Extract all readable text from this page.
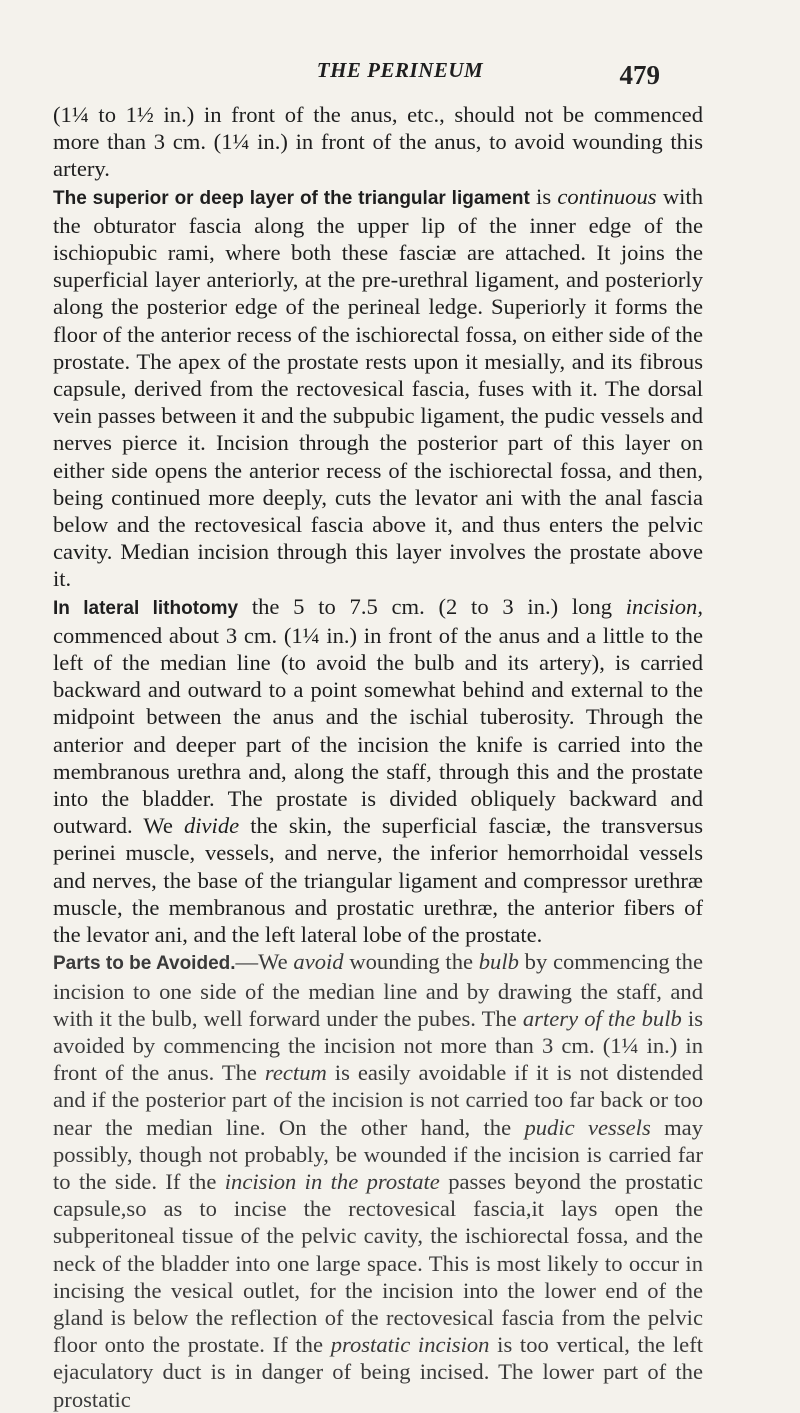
THE PERINEUM	479

(1¼ to 1½ in.) in front of the anus, etc., should not be commenced more than 3 cm. (1¼ in.) in front of the anus, to avoid wounding this artery.

The superior or deep layer of the triangular ligament is continuous with the obturator fascia along the upper lip of the inner edge of the ischiopubic rami, where both these fasciæ are attached. It joins the superficial layer anteriorly, at the pre-urethral ligament, and posteriorly along the posterior edge of the perineal ledge. Superiorly it forms the floor of the anterior recess of the ischiorectal fossa, on either side of the prostate. The apex of the prostate rests upon it mesially, and its fibrous capsule, derived from the rectovesical fascia, fuses with it. The dorsal vein passes between it and the subpubic ligament, the pudic vessels and nerves pierce it. Incision through the posterior part of this layer on either side opens the anterior recess of the ischiorectal fossa, and then, being continued more deeply, cuts the levator ani with the anal fascia below and the rectovesical fascia above it, and thus enters the pelvic cavity. Median incision through this layer involves the prostate above it.

In lateral lithotomy the 5 to 7.5 cm. (2 to 3 in.) long incision, commenced about 3 cm. (1¼ in.) in front of the anus and a little to the left of the median line (to avoid the bulb and its artery), is carried backward and outward to a point somewhat behind and external to the midpoint between the anus and the ischial tuberosity. Through the anterior and deeper part of the incision the knife is carried into the membranous urethra and, along the staff, through this and the prostate into the bladder. The prostate is divided obliquely backward and outward. We divide the skin, the superficial fasciæ, the transversus perinei muscle, vessels, and nerve, the inferior hemorrhoidal vessels and nerves, the base of the triangular ligament and compressor urethræ muscle, the membranous and prostatic urethræ, the anterior fibers of the levator ani, and the left lateral lobe of the prostate.

Parts to be Avoided.—We avoid wounding the bulb by commencing the incision to one side of the median line and by drawing the staff, and with it the bulb, well forward under the pubes. The artery of the bulb is avoided by commencing the incision not more than 3 cm. (1¼ in.) in front of the anus. The rectum is easily avoidable if it is not distended and if the posterior part of the incision is not carried too far back or too near the median line. On the other hand, the pudic vessels may possibly, though not probably, be wounded if the incision is carried far to the side. If the incision in the prostate passes beyond the prostatic capsule,so as to incise the rectovesical fascia,it lays open the subperitoneal tissue of the pelvic cavity, the ischiorectal fossa, and the neck of the bladder into one large space. This is most likely to occur in incising the vesical outlet, for the incision into the lower end of the gland is below the reflection of the rectovesical fascia from the pelvic floor onto the prostate. If the prostatic incision is too vertical, the left ejaculatory duct is in danger of being incised. The lower part of the prostatic
